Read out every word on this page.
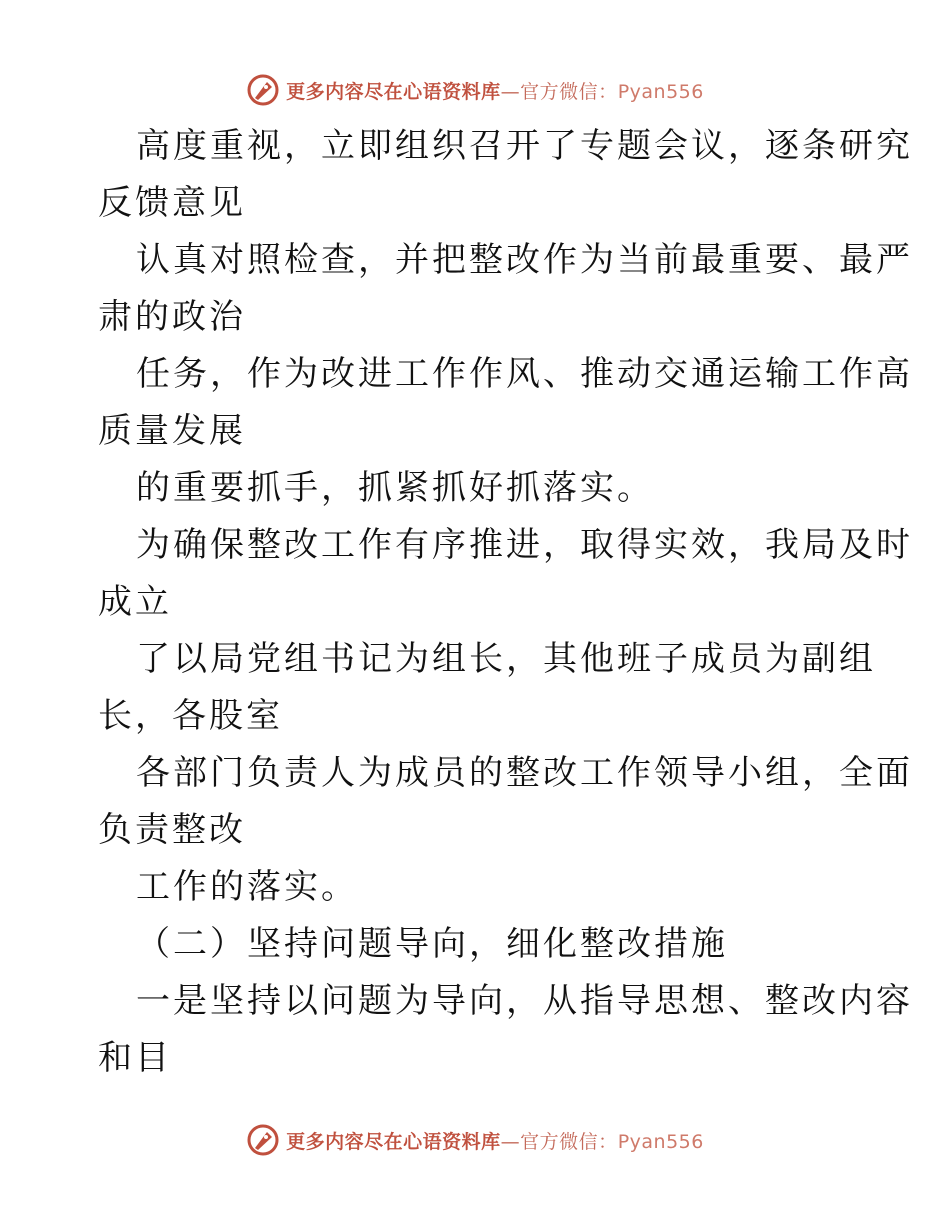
更多内容尽在心语资料库—官方微信：Pyan556
高度重视，立即组织召开了专题会议，逐条研究
反馈意见
认真对照检查，并把整改作为当前最重要、最严
肃的政治
任务，作为改进工作作风、推动交通运输工作高
质量发展
的重要抓手，抓紧抓好抓落实。
为确保整改工作有序推进，取得实效，我局及时
成立
了以局党组书记为组长，其他班子成员为副组
长，各股室
各部门负责人为成员的整改工作领导小组，全面
负责整改
工作的落实。
（二）坚持问题导向，细化整改措施
一是坚持以问题为导向，从指导思想、整改内容
和目
更多内容尽在心语资料库—官方微信：Pyan556
